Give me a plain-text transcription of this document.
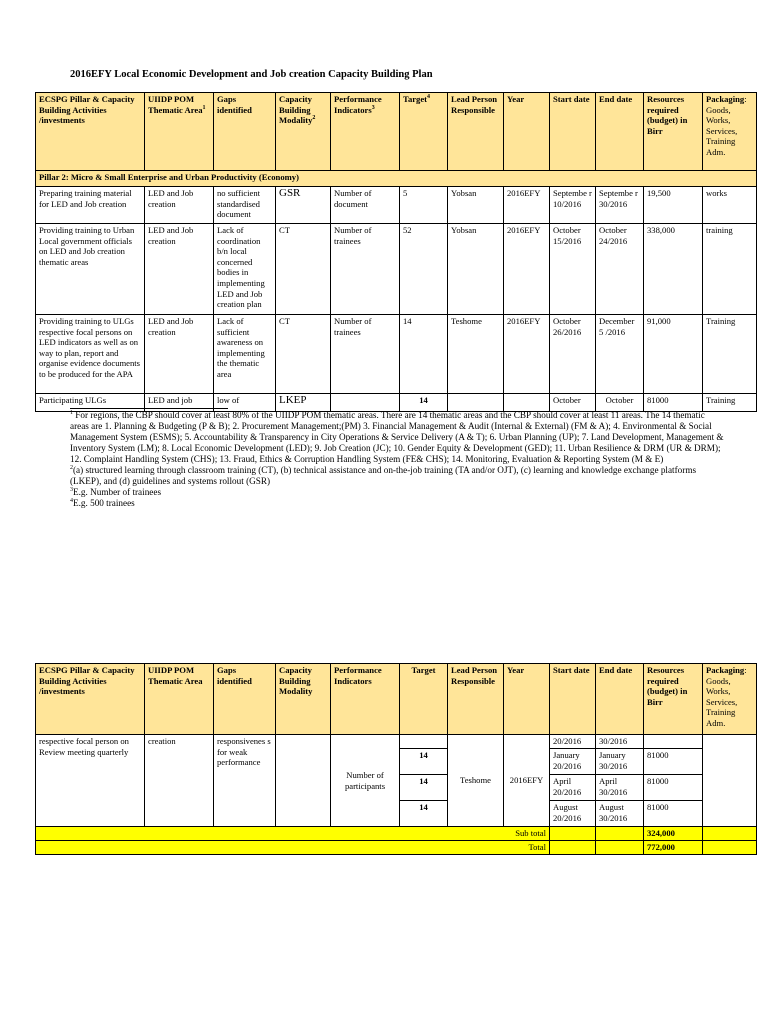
2016EFY Local Economic Development and Job creation Capacity Building Plan
ECSPG Pillar & Capacity Building Activities /investments	UIIDP POM Thematic Area$^1$	Gaps identified	Capacity Building Modality$^2$	Performance Indicators$^3$	Target$^4$	Lead Person Responsible	Year	Start date	End date	Resources required (budget) in Birr	Packaging: Goods, Works, Services, Training Adm.
Pillar 2: Micro & Small Enterprise and Urban Productivity (Economy)											
Preparing training material for LED and Job creation	LED and Job creation	no sufficient standardised document	GSR	Number of document	5	Yobsan	2016EFY	Septembe r 10/2016	Septembe r 30/2016	19,500	works
Providing training to Urban Local government officials on LED and Job creation thematic areas	LED and Job creation	Lack of coordination b/n local concerned bodies in implementing LED and Job creation plan	CT	Number of trainees	52	Yobsan	2016EFY	October 15/2016	October 24/2016	338,000	training
Providing training to ULGs respective focal persons on LED indicators as well as on way to plan, report and organise evidence documents to be produced for the APA	LED and Job creation	Lack of sufficient awareness on implementing the thematic area	CT	Number of trainees	14	Teshome	2016EFY	October 26/2016	December 5 /2016	91,000	Training

Participating ULGs	LED and job	low of	LKEP		14			October	October	81000	Training

$^1$ For regions, the CBP should cover at least 80% of the UIIDP POM thematic areas. There are 14 thematic areas and the CBP should cover at least 11 areas. The 14 thematic areas are 1. Planning & Budgeting (P & B); 2. Procurement Management;(PM) 3. Financial Management & Audit (Internal & External) (FM & A); 4. Environmental & Social Management System (ESMS); 5. Accountability & Transparency in City Operations & Service Delivery (A & T); 6. Urban Planning (UP); 7. Land Development, Management & Inventory System (LM); 8. Local Economic Development (LED); 9. Job Creation (JC); 10. Gender Equity & Development (GED); 11. Urban Resilience & DRM (UR & DRM); 12. Complaint Handling System (CHS); 13. Fraud, Ethics & Corruption Handling System (FE& CHS); 14. Monitoring, Evaluation & Reporting System (M & E)

$^2$(a) structured learning through classroom training (CT), (b) technical assistance and on-the-job training (TA and/or OJT), (c) learning and knowledge exchange platforms (LKEP), and (d) guidelines and systems rollout (GSR)

$^3$E.g. Number of trainees

$^4$E.g. 500 trainees

ECSPG Pillar & Capacity Building Activities /investments	UIIDP POM Thematic Area	Gaps identified	Capacity Building Modality	Performance Indicators	Target	Lead Person Responsible	Year	Start date	End date	Resources required (budget) in Birr	Packaging: Goods, Works, Services, Training Adm.
respective focal person on Review meeting quarterly	creation	responsivenes s for weak performance		Number of participants		Teshome	2016EFY	20/2016	30/2016		
					14			January 20/2016	January 30/2016	81000	
					14			April 20/2016	April 30/2016	81000	
					14			August 20/2016	August 30/2016	81000	
Sub total										324,000	
Total										772,000	
